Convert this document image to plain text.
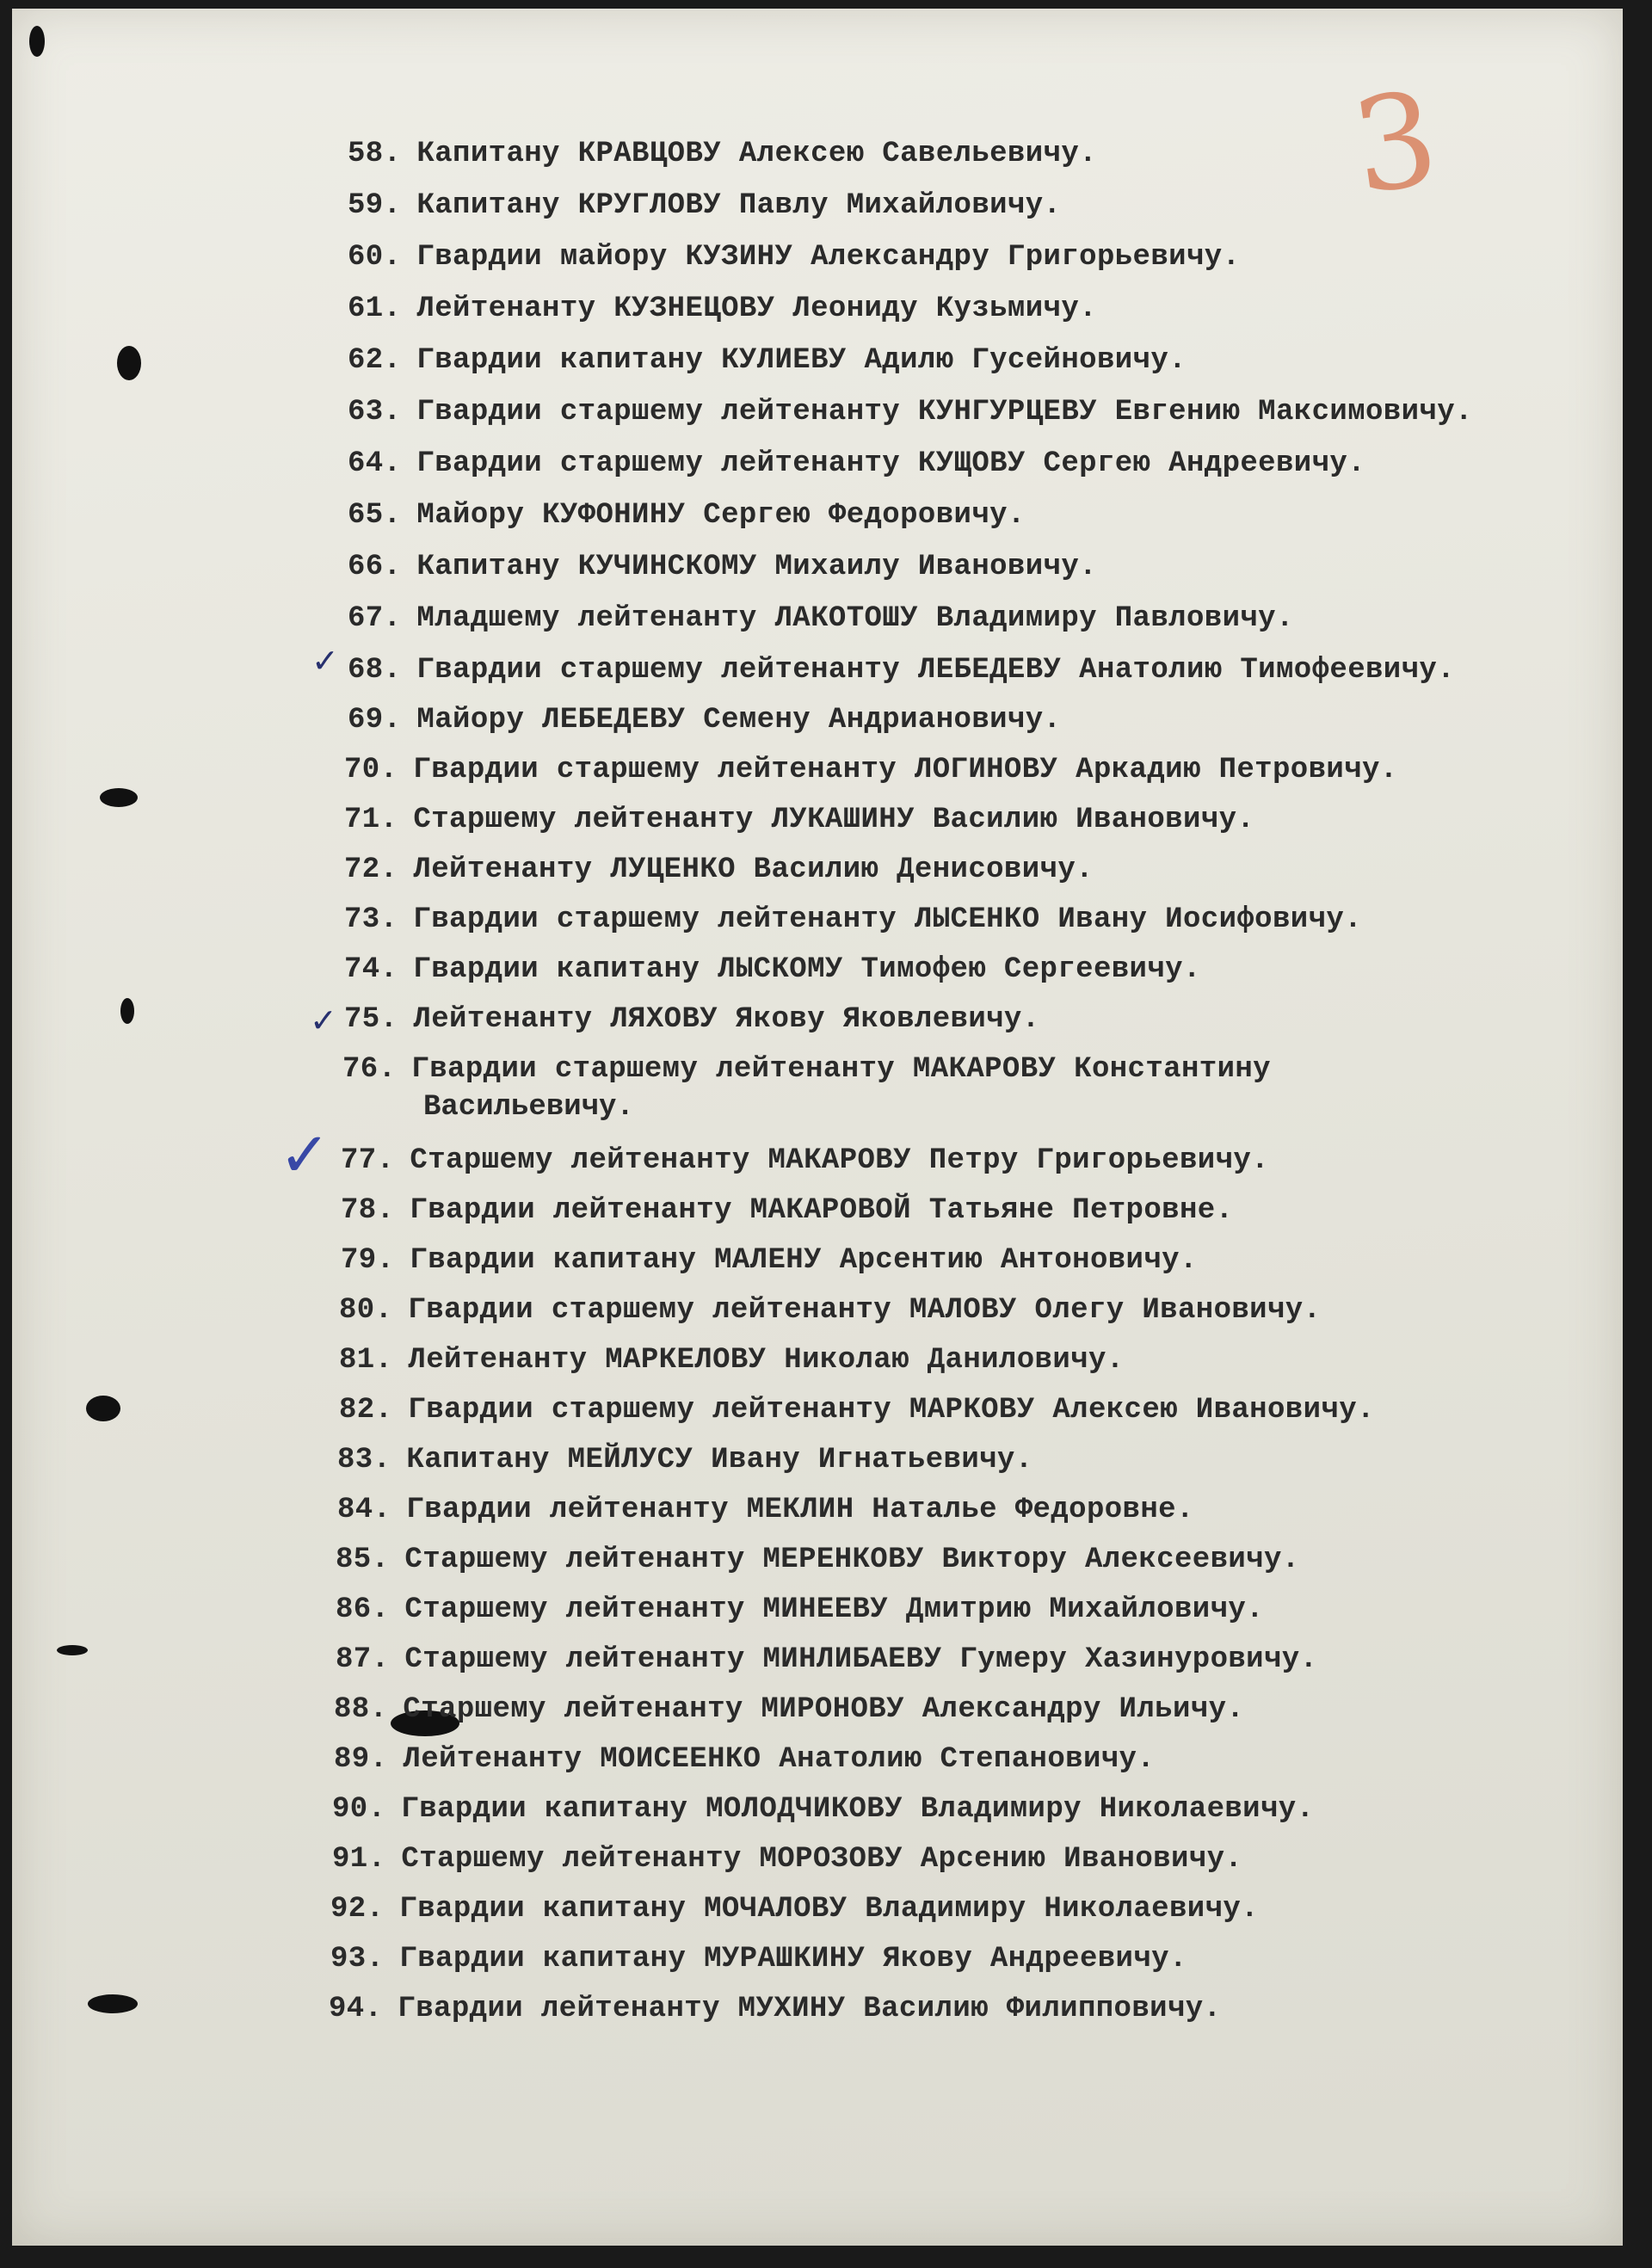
3
✓
✓
✓
58. Капитану КРАВЦОВУ Алексею Савельевичу.
59. Капитану КРУГЛОВУ Павлу Михайловичу.
60. Гвардии майору КУЗИНУ Александру Григорьевичу.
61. Лейтенанту КУЗНЕЦОВУ Леониду Кузьмичу.
62. Гвардии капитану КУЛИЕВУ Адилю Гусейновичу.
63. Гвардии старшему лейтенанту КУНГУРЦЕВУ Евгению Максимовичу.
64. Гвардии старшему лейтенанту КУЩОВУ Сергею Андреевичу.
65. Майору КУФОНИНУ Сергею Федоровичу.
66. Капитану КУЧИНСКОМУ Михаилу Ивановичу.
67. Младшему лейтенанту ЛАКОТОШУ Владимиру Павловичу.
68. Гвардии старшему лейтенанту ЛЕБЕДЕВУ Анатолию Тимофеевичу.
69. Майору ЛЕБЕДЕВУ Семену Андриановичу.
70. Гвардии старшему лейтенанту ЛОГИНОВУ Аркадию Петровичу.
71. Старшему лейтенанту ЛУКАШИНУ Василию Ивановичу.
72. Лейтенанту ЛУЦЕНКО Василию Денисовичу.
73. Гвардии старшему лейтенанту ЛЫСЕНКО Ивану Иосифовичу.
74. Гвардии капитану ЛЫСКОМУ Тимофею Сергеевичу.
75. Лейтенанту ЛЯХОВУ Якову Яковлевичу.
76. Гвардии старшему лейтенанту МАКАРОВУ Константину
Васильевичу.
77. Старшему лейтенанту МАКАРОВУ Петру Григорьевичу.
78. Гвардии лейтенанту МАКАРОВОЙ Татьяне Петровне.
79. Гвардии капитану МАЛЕНУ Арсентию Антоновичу.
80. Гвардии старшему лейтенанту МАЛОВУ Олегу Ивановичу.
81. Лейтенанту МАРКЕЛОВУ Николаю Даниловичу.
82. Гвардии старшему лейтенанту МАРКОВУ Алексею Ивановичу.
83. Капитану МЕЙЛУСУ Ивану Игнатьевичу.
84. Гвардии лейтенанту МЕКЛИН Наталье Федоровне.
85. Старшему лейтенанту МЕРЕНКОВУ Виктору Алексеевичу.
86. Старшему лейтенанту МИНЕЕВУ Дмитрию Михайловичу.
87. Старшему лейтенанту МИНЛИБАЕВУ Гумеру Хазинуровичу.
88. Старшему лейтенанту МИРОНОВУ Александру Ильичу.
89. Лейтенанту МОИСЕЕНКО Анатолию Степановичу.
90. Гвардии капитану МОЛОДЧИКОВУ Владимиру Николаевичу.
91. Старшему лейтенанту МОРОЗОВУ Арсению Ивановичу.
92. Гвардии капитану МОЧАЛОВУ Владимиру Николаевичу.
93. Гвардии капитану МУРАШКИНУ Якову Андреевичу.
94. Гвардии лейтенанту МУХИНУ Василию Филипповичу.
